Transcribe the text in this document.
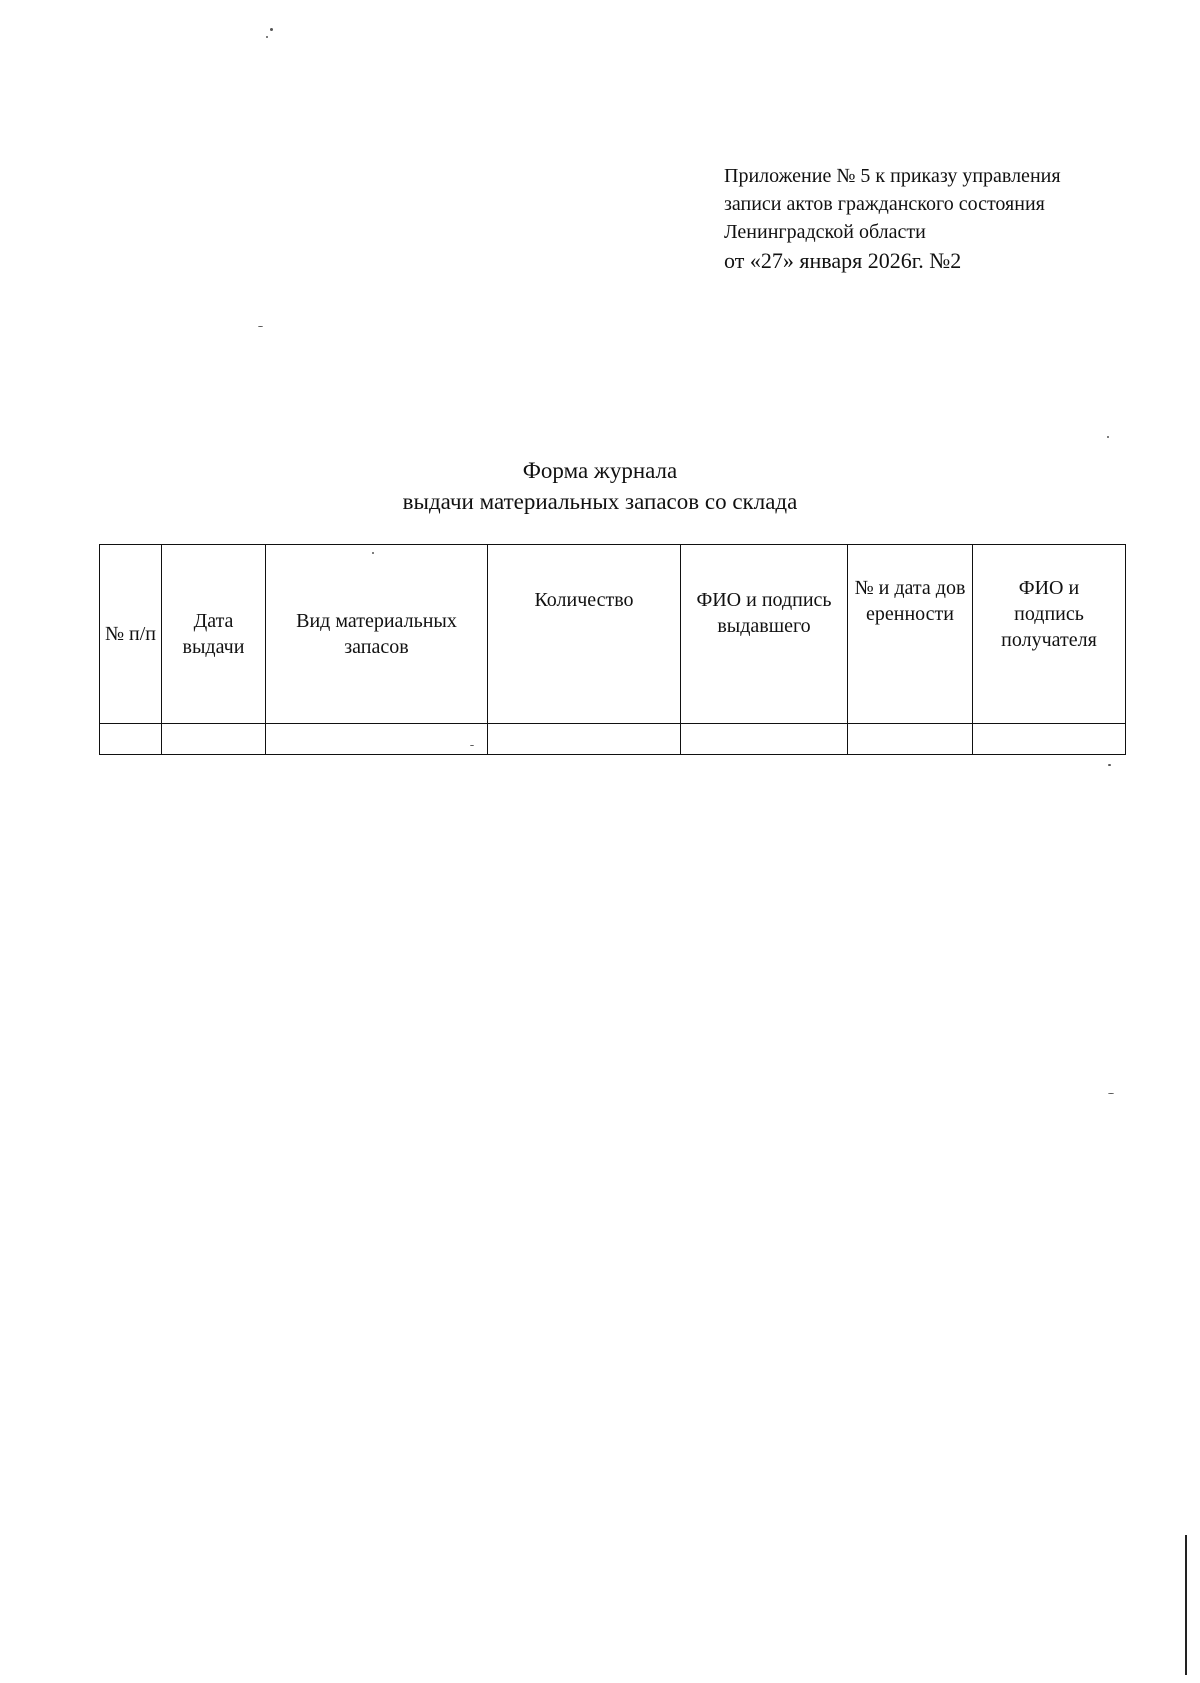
Приложение № 5 к приказу управления
записи актов гражданского состояния
Ленинградской области
от «27» января 2026г. №2
Форма журнала
выдачи материальных запасов со склада
№ п/п	Дата выдачи	Вид материальных запасов	Количество	ФИО и подпись выдавшего	№ и дата доверенности	ФИО и подпись получателя
